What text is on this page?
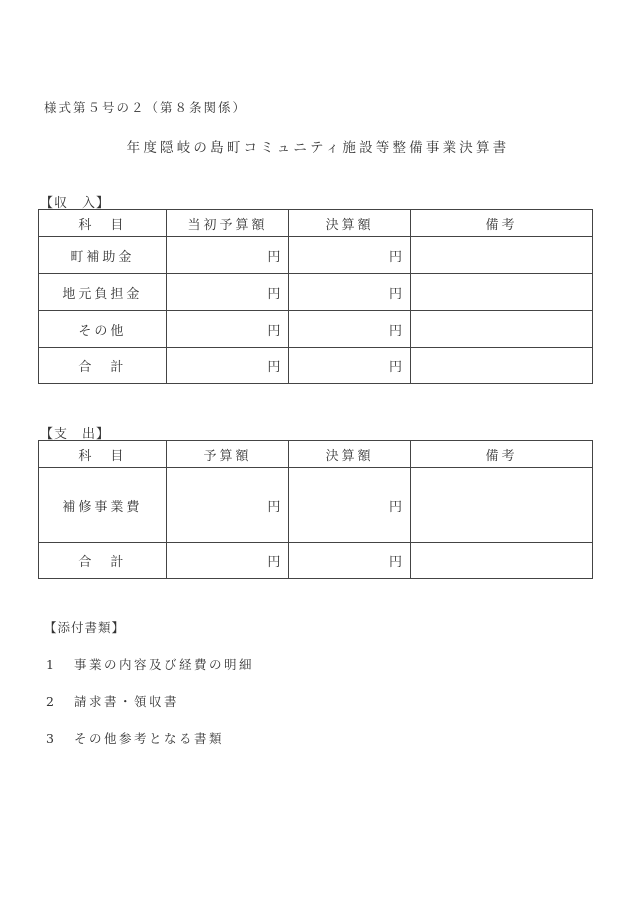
様式第５号の２（第８条関係）
年度隠岐の島町コミュニティ施設等整備事業決算書
【収　入】
科　目	当初予算額	決算額	備考
町補助金	円	円	
地元負担金	円	円	
その他	円	円	
合　計	円	円	
【支　出】
科　目	予算額	決算額	備考
補修事業費	円	円	
合　計	円	円	
【添付書類】
1 事業の内容及び経費の明細
2 請求書・領収書
3 その他参考となる書類
